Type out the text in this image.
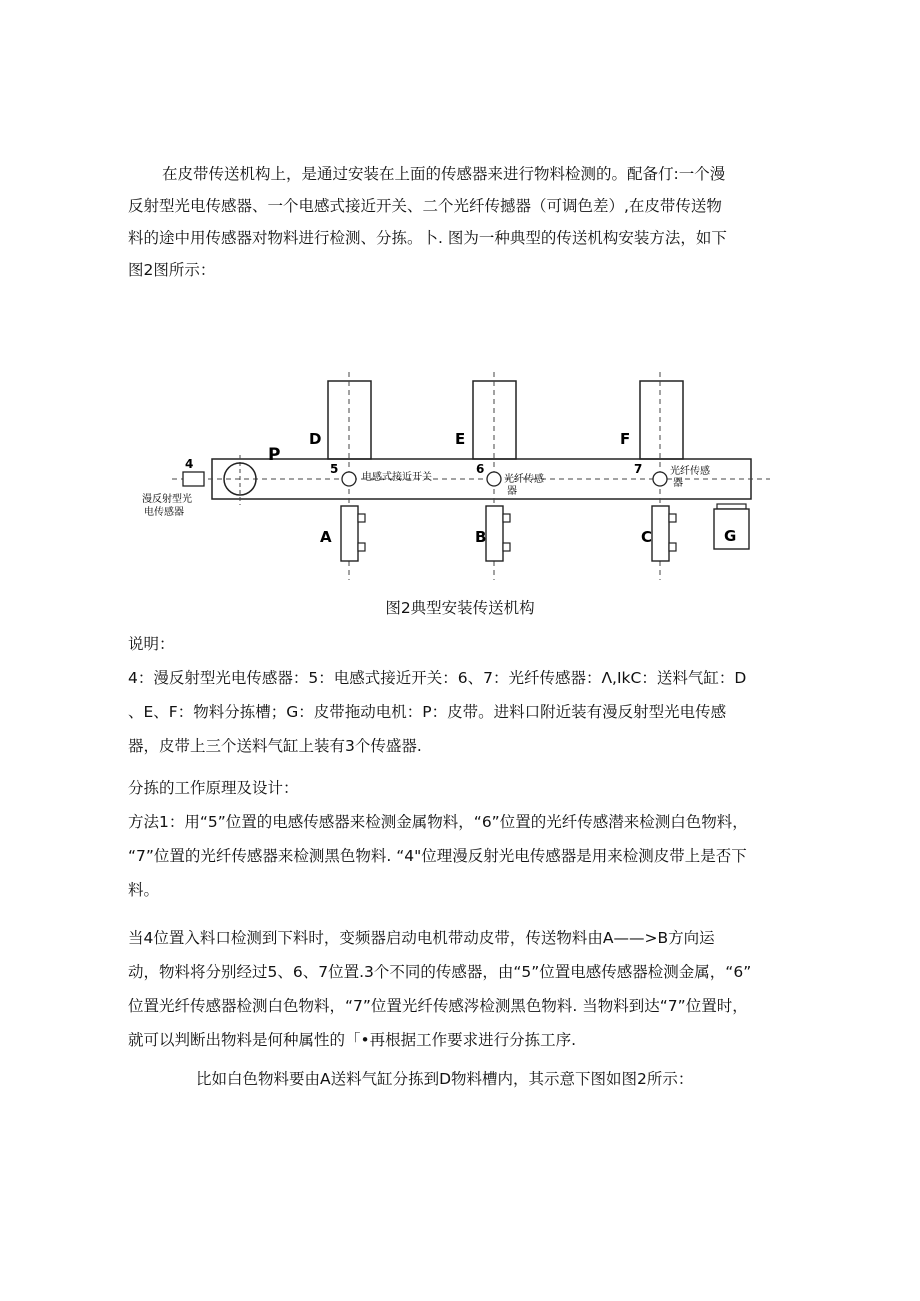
在皮带传送机构上，是通过安装在上面的传感器来进行物料检测的。配备仃:一个漫
反射型光电传感器、一个电感式接近开关、二个光纤传撼器（可调色差）,在皮带传送物
料的途中用传感器对物料进行检测、分拣。卜. 图为一种典型的传送机构安装方法，如下
图2图所示：
P
D	E	F
A	B	C	G
4	5	6	7
电感式接近开关	光纤传感
器
光纤传感
器
漫反射型光
电传感器
图2典型安装传送机构
说明：
4：漫反射型光电传感器：5：电感式接近开关：6、7：光纤传感器：Λ,IkC：送料气缸：D
、E、F：物料分拣槽；G：皮带拖动电机：P：皮带。进料口附近装有漫反射型光电传感
器，皮带上三个送料气缸上装有3个传盛器.
分拣的工作原理及设计：
方法1：用“5”位置的电感传感器来检测金属物料，“6”位置的光纤传感潜来检测白色物料，
“7”位置的光纤传感器来检测黑色物料. “4"位理漫反射光电传感器是用来检测皮带上是否下
料。
当4位置入料口检测到下料时，变频器启动电机带动皮带，传送物料由A——>B方向运
动，物料将分别经过5、6、7位置.3个不同的传感器，由“5”位置电感传感器检测金属，“6”
位置光纤传感器检测白色物料，“7”位置光纤传感涔检测黑色物料. 当物料到达“7”位置时，
就可以判断出物料是何种属性的「•再根据工作要求进行分拣工序.
比如白色物料要由A送料气缸分拣到D物料槽内，其示意下图如图2所示：
